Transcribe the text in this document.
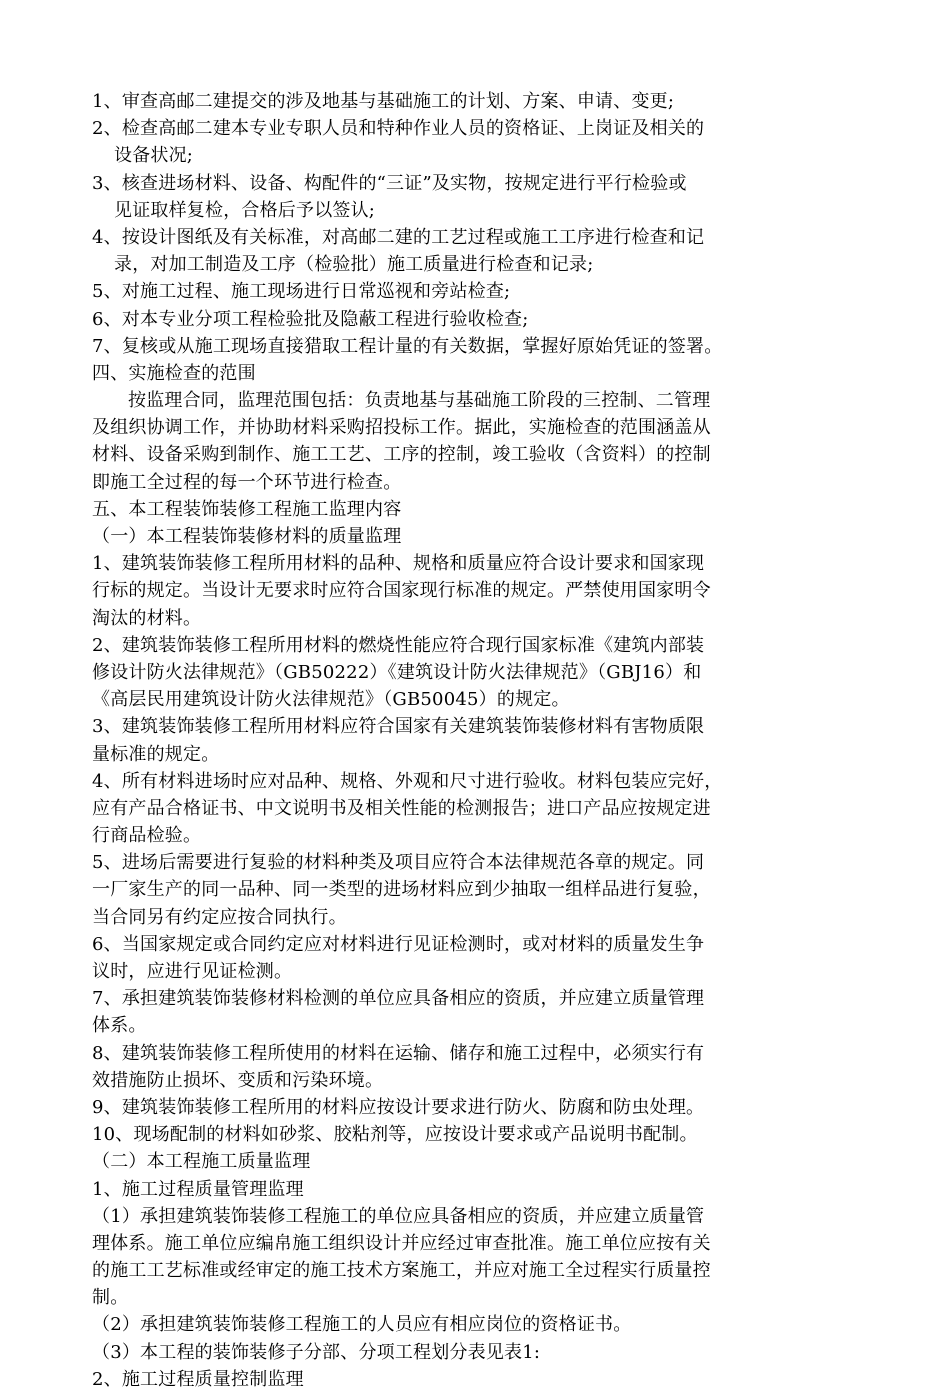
1、审查高邮二建提交的涉及地基与基础施工的计划、方案、申请、变更;
2、检查高邮二建本专业专职人员和特种作业人员的资格证、上岗证及相关的
设备状况;
3、核查进场材料、设备、构配件的“三证”及实物，按规定进行平行检验或
见证取样复检，合格后予以签认;
4、按设计图纸及有关标准，对高邮二建的工艺过程或施工工序进行检查和记
录，对加工制造及工序（检验批）施工质量进行检查和记录;
5、对施工过程、施工现场进行日常巡视和旁站检查;
6、对本专业分项工程检验批及隐蔽工程进行验收检查;
7、复核或从施工现场直接猎取工程计量的有关数据，掌握好原始凭证的签署。
四、实施检查的范围
按监理合同，监理范围包括：负责地基与基础施工阶段的三控制、二管理
及组织协调工作，并协助材料采购招投标工作。据此，实施检查的范围涵盖从
材料、设备采购到制作、施工工艺、工序的控制，竣工验收（含资料）的控制
即施工全过程的每一个环节进行检查。
五、本工程装饰装修工程施工监理内容
（一）本工程装饰装修材料的质量监理
1、建筑装饰装修工程所用材料的品种、规格和质量应符合设计要求和国家现
行标的规定。当设计无要求时应符合国家现行标准的规定。严禁使用国家明令
淘汰的材料。
2、建筑装饰装修工程所用材料的燃烧性能应符合现行国家标准《建筑内部装
修设计防火法律规范》（GB50222）《建筑设计防火法律规范》（GBJ16）和
《高层民用建筑设计防火法律规范》（GB50045）的规定。
3、建筑装饰装修工程所用材料应符合国家有关建筑装饰装修材料有害物质限
量标准的规定。
4、所有材料进场时应对品种、规格、外观和尺寸进行验收。材料包装应完好，
应有产品合格证书、中文说明书及相关性能的检测报告；进口产品应按规定进
行商品检验。
5、进场后需要进行复验的材料种类及项目应符合本法律规范各章的规定。同
一厂家生产的同一品种、同一类型的进场材料应到少抽取一组样品进行复验，
当合同另有约定应按合同执行。
6、当国家规定或合同约定应对材料进行见证检测时，或对材料的质量发生争
议时，应进行见证检测。
7、承担建筑装饰装修材料检测的单位应具备相应的资质，并应建立质量管理
体系。
8、建筑装饰装修工程所使用的材料在运输、储存和施工过程中，必须实行有
效措施防止损坏、变质和污染环境。
9、建筑装饰装修工程所用的材料应按设计要求进行防火、防腐和防虫处理。
10、现场配制的材料如砂浆、胶粘剂等，应按设计要求或产品说明书配制。
（二）本工程施工质量监理
1、施工过程质量管理监理
（1）承担建筑装饰装修工程施工的单位应具备相应的资质，并应建立质量管
理体系。施工单位应编帛施工组织设计并应经过审查批准。施工单位应按有关
的施工工艺标准或经审定的施工技术方案施工，并应对施工全过程实行质量控
制。
（2）承担建筑装饰装修工程施工的人员应有相应岗位的资格证书。
（3）本工程的装饰装修子分部、分项工程划分表见表1:
2、施工过程质量控制监理
